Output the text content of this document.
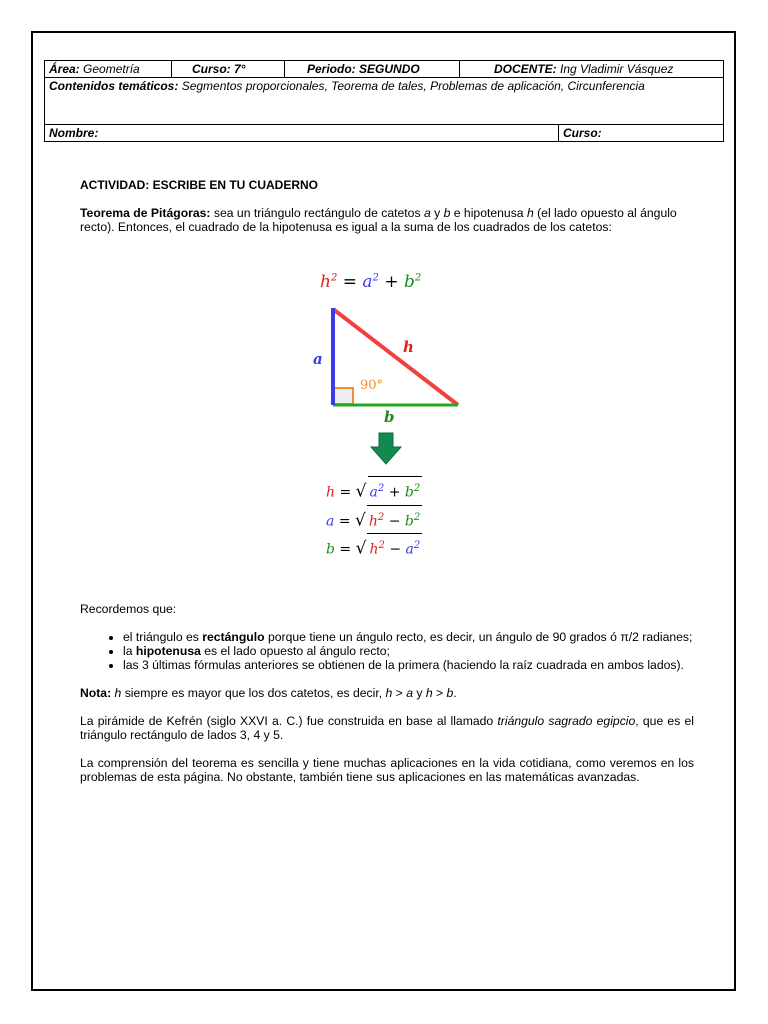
Área: Geometría	Curso: 7°	Periodo: SEGUNDO	DOCENTE: Ing Vladimir Vásquez	
Contenidos temáticos: Segmentos proporcionales, Teorema de tales, Problemas de aplicación, Circunferencia				
Nombre:				Curso:

ACTIVIDAD: ESCRIBE EN TU CUADERNO

Teorema de Pitágoras: sea un triángulo rectángulo de catetos a y b e hipotenusa h (el lado opuesto al ángulo recto). Entonces, el cuadrado de la hipotenusa es igual a la suma de los cuadrados de los catetos:

$h^2 = a^2 + b^2$
a
h
b
90°
h = √ $a^2 + b^2$
a = √ $h^2 - b^2$
b = √ $h^2 - a^2$

Recordemos que:

• el triángulo es rectángulo porque tiene un ángulo recto, es decir, un ángulo de 90 grados ó π/2 radianes;
• la hipotenusa es el lado opuesto al ángulo recto;
• las 3 últimas fórmulas anteriores se obtienen de la primera (haciendo la raíz cuadrada en ambos lados).

Nota: h siempre es mayor que los dos catetos, es decir, h > a y h > b.

La pirámide de Kefrén (siglo XXVI a. C.) fue construida en base al llamado triángulo sagrado egipcio, que es el triángulo rectángulo de lados 3, 4 y 5.

La comprensión del teorema es sencilla y tiene muchas aplicaciones en la vida cotidiana, como veremos en los problemas de esta página. No obstante, también tiene sus aplicaciones en las matemáticas avanzadas.
